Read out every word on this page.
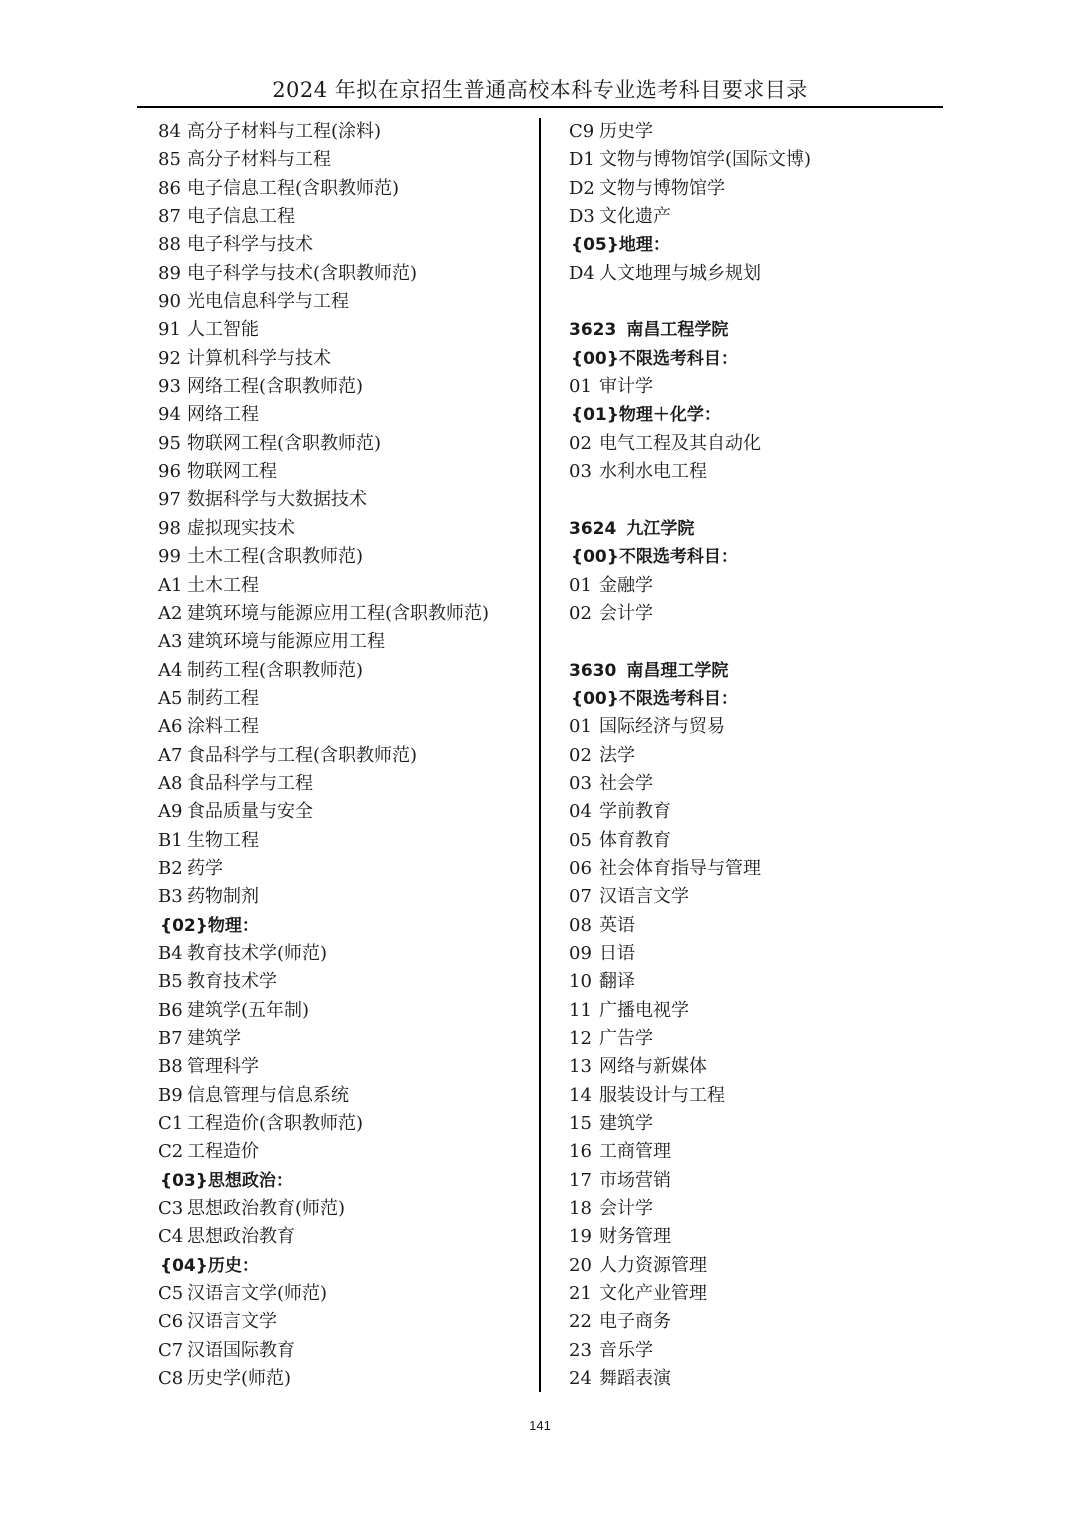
2024 年拟在京招生普通高校本科专业选考科目要求目录
84 高分子材料与工程(涂料)
85 高分子材料与工程
86 电子信息工程(含职教师范)
87 电子信息工程
88 电子科学与技术
89 电子科学与技术(含职教师范)
90 光电信息科学与工程
91 人工智能
92 计算机科学与技术
93 网络工程(含职教师范)
94 网络工程
95 物联网工程(含职教师范)
96 物联网工程
97 数据科学与大数据技术
98 虚拟现实技术
99 土木工程(含职教师范)
A1 土木工程
A2 建筑环境与能源应用工程(含职教师范)
A3 建筑环境与能源应用工程
A4 制药工程(含职教师范)
A5 制药工程
A6 涂料工程
A7 食品科学与工程(含职教师范)
A8 食品科学与工程
A9 食品质量与安全
B1 生物工程
B2 药学
B3 药物制剂
{02}物理：
B4 教育技术学(师范)
B5 教育技术学
B6 建筑学(五年制)
B7 建筑学
B8 管理科学
B9 信息管理与信息系统
C1 工程造价(含职教师范)
C2 工程造价
{03}思想政治：
C3 思想政治教育(师范)
C4 思想政治教育
{04}历史：
C5 汉语言文学(师范)
C6 汉语言文学
C7 汉语国际教育
C8 历史学(师范)
C9 历史学
D1 文物与博物馆学(国际文博)
D2 文物与博物馆学
D3 文化遗产
{05}地理：
D4 人文地理与城乡规划
3623 南昌工程学院
{00}不限选考科目：
01 审计学
{01}物理＋化学：
02 电气工程及其自动化
03 水利水电工程
3624 九江学院
{00}不限选考科目：
01 金融学
02 会计学
3630 南昌理工学院
{00}不限选考科目：
01 国际经济与贸易
02 法学
03 社会学
04 学前教育
05 体育教育
06 社会体育指导与管理
07 汉语言文学
08 英语
09 日语
10 翻译
11 广播电视学
12 广告学
13 网络与新媒体
14 服装设计与工程
15 建筑学
16 工商管理
17 市场营销
18 会计学
19 财务管理
20 人力资源管理
21 文化产业管理
22 电子商务
23 音乐学
24 舞蹈表演
141
